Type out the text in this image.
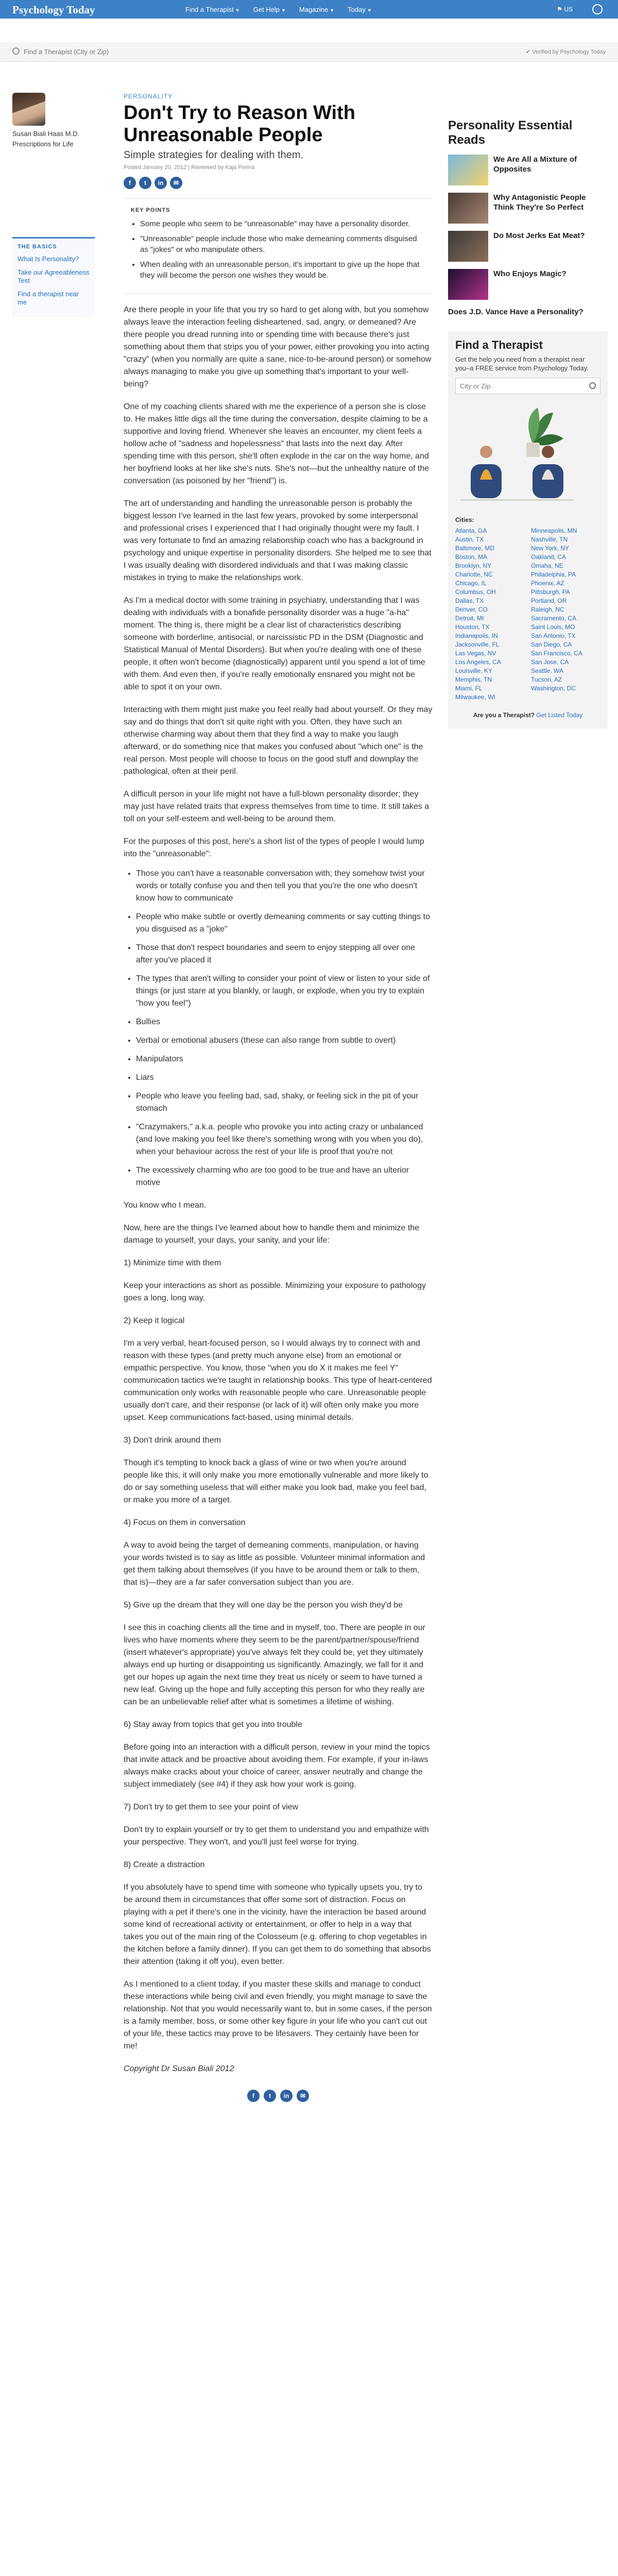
Psychology Today	Find a Therapist ▼ Get Help ▼ Magazine ▼ Today ▼	⚑ US
Find a Therapist (City or Zip)	✔ Verified by Psychology Today
Susan Biali Haas M.D.
Prescriptions for Life
THE BASICS
What Is Personality?
Take our Agreeableness Test
Find a therapist near me
PERSONALITY
Don't Try to Reason With Unreasonable People
Simple strategies for dealing with them.
Posted January 20, 2012 | Reviewed by Kaja Perina
f	t	in	✉
KEY POINTS
• Some people who seem to be "unreasonable" may have a personality disorder.
• "Unreasonable" people include those who make demeaning comments disguised as "jokes" or who manipulate others.
• When dealing with an unreasonable person, it's important to give up the hope that they will become the person one wishes they would be.

Are there people in your life that you try so hard to get along with, but you somehow always leave the interaction feeling disheartened, sad, angry, or demeaned? Are there people you dread running into or spending time with because there's just something about them that strips you of your power, either provoking you into acting "crazy" (when you normally are quite a sane, nice-to-be-around person) or somehow always managing to make you give up something that's important to your well-being?

One of my coaching clients shared with me the experience of a person she is close to. He makes little digs all the time during the conversation, despite claiming to be a supportive and loving friend. Whenever she leaves an encounter, my client feels a hollow ache of "sadness and hopelessness" that lasts into the next day. After spending time with this person, she'll often explode in the car on the way home, and her boyfriend looks at her like she's nuts. She's not—but the unhealthy nature of the conversation (as poisoned by her "friend") is.

The art of understanding and handling the unreasonable person is probably the biggest lesson I've learned in the last few years, provoked by some interpersonal and professional crises I experienced that I had originally thought were my fault. I was very fortunate to find an amazing relationship coach who has a background in psychology and unique expertise in personality disorders. She helped me to see that I was usually dealing with disordered individuals and that I was making classic mistakes in trying to make the relationships work.

As I'm a medical doctor with some training in psychiatry, understanding that I was dealing with individuals with a bonafide personality disorder was a huge "a-ha" moment. The thing is, there might be a clear list of characteristics describing someone with borderline, antisocial, or narcissistic PD in the DSM (Diagnostic and Statistical Manual of Mental Disorders). But when you're dealing with one of these people, it often won't become (diagnostically) apparent until you spend a lot of time with them. And even then, if you're really emotionally ensnared you might not be able to spot it on your own.

Interacting with them might just make you feel really bad about yourself. Or they may say and do things that don't sit quite right with you. Often, they have such an otherwise charming way about them that they find a way to make you laugh afterward, or do something nice that makes you confused about "which one" is the real person. Most people will choose to focus on the good stuff and downplay the pathological, often at their peril.

A difficult person in your life might not have a full-blown personality disorder; they may just have related traits that express themselves from time to time. It still takes a toll on your self-esteem and well-being to be around them.

For the purposes of this post, here's a short list of the types of people I would lump into the "unreasonable":

• Those you can't have a reasonable conversation with; they somehow twist your words or totally confuse you and then tell you that you're the one who doesn't know how to communicate
• People who make subtle or overtly demeaning comments or say cutting things to you disguised as a "joke"
• Those that don't respect boundaries and seem to enjoy stepping all over one after you've placed it
• The types that aren't willing to consider your point of view or listen to your side of things (or just stare at you blankly, or laugh, or explode, when you try to explain "how you feel")
• Bullies
• Verbal or emotional abusers (these can also range from subtle to overt)
• Manipulators
• Liars
• People who leave you feeling bad, sad, shaky, or feeling sick in the pit of your stomach
• "Crazymakers," a.k.a. people who provoke you into acting crazy or unbalanced (and love making you feel like there's something wrong with you when you do), when your behaviour across the rest of your life is proof that you're not
• The excessively charming who are too good to be true and have an ulterior motive

You know who I mean.

Now, here are the things I've learned about how to handle them and minimize the damage to yourself, your days, your sanity, and your life:

1) Minimize time with them

Keep your interactions as short as possible. Minimizing your exposure to pathology goes a long, long way.

2) Keep it logical

I'm a very verbal, heart-focused person, so I would always try to connect with and reason with these types (and pretty much anyone else) from an emotional or empathic perspective. You know, those "when you do X it makes me feel Y" communication tactics we're taught in relationship books. This type of heart-centered communication only works with reasonable people who care. Unreasonable people usually don't care, and their response (or lack of it) will often only make you more upset. Keep communications fact-based, using minimal details.

3) Don't drink around them

Though it's tempting to knock back a glass of wine or two when you're around people like this, it will only make you more emotionally vulnerable and more likely to do or say something useless that will either make you look bad, make you feel bad, or make you more of a target.

4) Focus on them in conversation

A way to avoid being the target of demeaning comments, manipulation, or having your words twisted is to say as little as possible. Volunteer minimal information and get them talking about themselves (if you have to be around them or talk to them, that is)—they are a far safer conversation subject than you are.

5) Give up the dream that they will one day be the person you wish they'd be

I see this in coaching clients all the time and in myself, too. There are people in our lives who have moments where they seem to be the parent/partner/spouse/friend (insert whatever's appropriate) you've always felt they could be, yet they ultimately always end up hurting or disappointing us significantly. Amazingly, we fall for it and get our hopes up again the next time they treat us nicely or seem to have turned a new leaf. Giving up the hope and fully accepting this person for who they really are can be an unbelievable relief after what is sometimes a lifetime of wishing.

6) Stay away from topics that get you into trouble

Before going into an interaction with a difficult person, review in your mind the topics that invite attack and be proactive about avoiding them. For example, if your in-laws always make cracks about your choice of career, answer neutrally and change the subject immediately (see #4) if they ask how your work is going.

7) Don't try to get them to see your point of view

Don't try to explain yourself or try to get them to understand you and empathize with your perspective. They won't, and you'll just feel worse for trying.

8) Create a distraction

If you absolutely have to spend time with someone who typically upsets you, try to be around them in circumstances that offer some sort of distraction. Focus on playing with a pet if there's one in the vicinity, have the interaction be based around some kind of recreational activity or entertainment, or offer to help in a way that takes you out of the main ring of the Colosseum (e.g. offering to chop vegetables in the kitchen before a family dinner). If you can get them to do something that absorbs their attention (taking it off you), even better.

As I mentioned to a client today, if you master these skills and manage to conduct these interactions while being civil and even friendly, you might manage to save the relationship. Not that you would necessarily want to, but in some cases, if the person is a family member, boss, or some other key figure in your life who you can't cut out of your life, these tactics may prove to be lifesavers. They certainly have been for me!

Copyright Dr Susan Biali 2012

f	t	in	✉
Personality Essential Reads
We Are All a Mixture of Opposites
Why Antagonistic People Think They're So Perfect
Do Most Jerks Eat Meat?
Who Enjoys Magic?
Does J.D. Vance Have a Personality?
Find a Therapist
Get the help you need from a therapist near you–a FREE service from Psychology Today.
City or Zip
Cities:
Atlanta, GA	Minneapolis, MN
Austin, TX	Nashville, TN
Baltimore, MD	New York, NY
Boston, MA	Oakland, CA
Brooklyn, NY	Omaha, NE
Charlotte, NC	Philadelphia, PA
Chicago, IL	Phoenix, AZ
Columbus, OH	Pittsburgh, PA
Dallas, TX	Portland, OR
Denver, CO	Raleigh, NC
Detroit, MI	Sacramento, CA
Houston, TX	Saint Louis, MO
Indianapolis, IN	San Antonio, TX
Jacksonville, FL	San Diego, CA
Las Vegas, NV	San Francisco, CA
Los Angeles, CA	San Jose, CA
Louisville, KY	Seattle, WA
Memphis, TN	Tucson, AZ
Miami, FL	Washington, DC
Milwaukee, WI
Are you a Therapist? Get Listed Today
